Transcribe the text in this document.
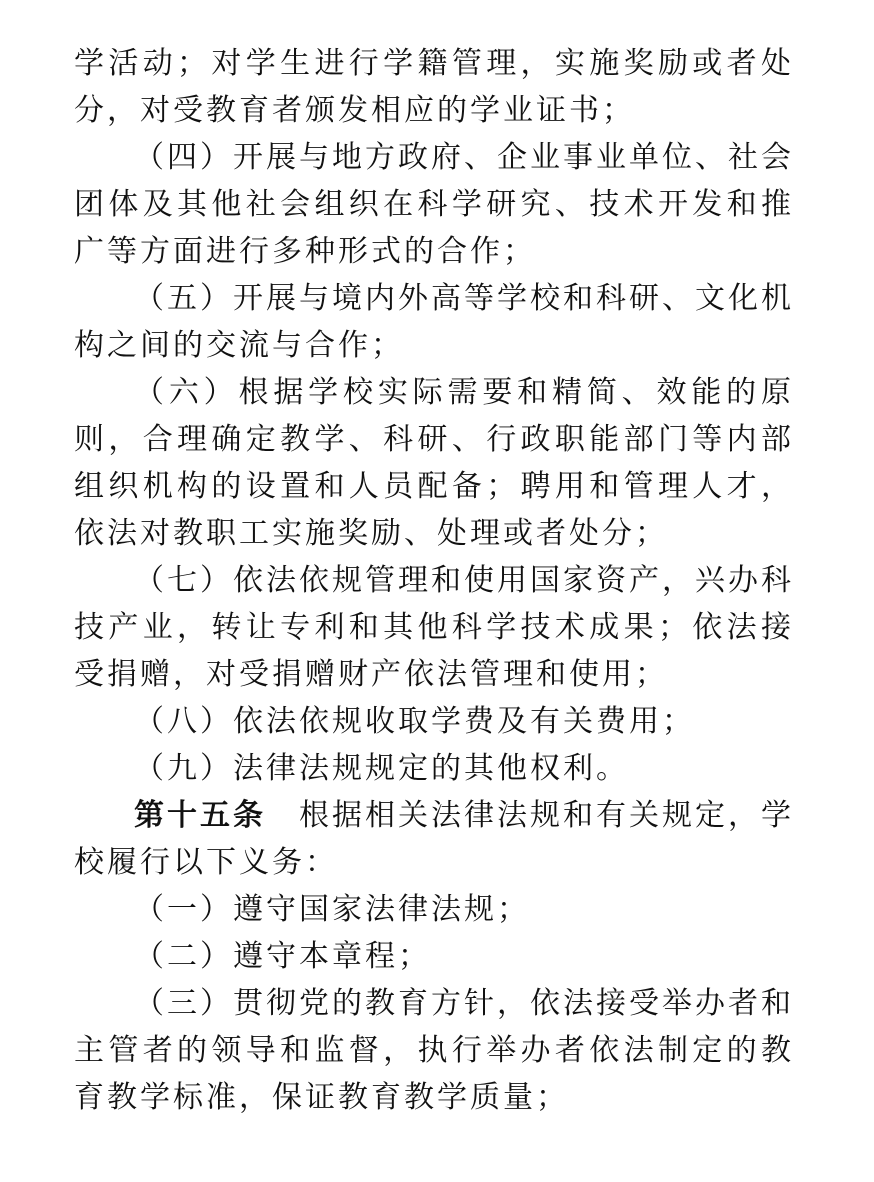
学活动；对学生进行学籍管理，实施奖励或者处分，对受教育者颁发相应的学业证书；

（四）开展与地方政府、企业事业单位、社会团体及其他社会组织在科学研究、技术开发和推广等方面进行多种形式的合作；

（五）开展与境内外高等学校和科研、文化机构之间的交流与合作；

（六）根据学校实际需要和精简、效能的原则，合理确定教学、科研、行政职能部门等内部组织机构的设置和人员配备；聘用和管理人才，依法对教职工实施奖励、处理或者处分；

（七）依法依规管理和使用国家资产，兴办科技产业，转让专利和其他科学技术成果；依法接受捐赠，对受捐赠财产依法管理和使用；

（八）依法依规收取学费及有关费用；

（九）法律法规规定的其他权利。

第十五条　 根据相关法律法规和有关规定，学校履行以下义务：

（一）遵守国家法律法规；

（二）遵守本章程；

（三）贯彻党的教育方针，依法接受举办者和主管者的领导和监督，执行举办者依法制定的教育教学标准，保证教育教学质量；
